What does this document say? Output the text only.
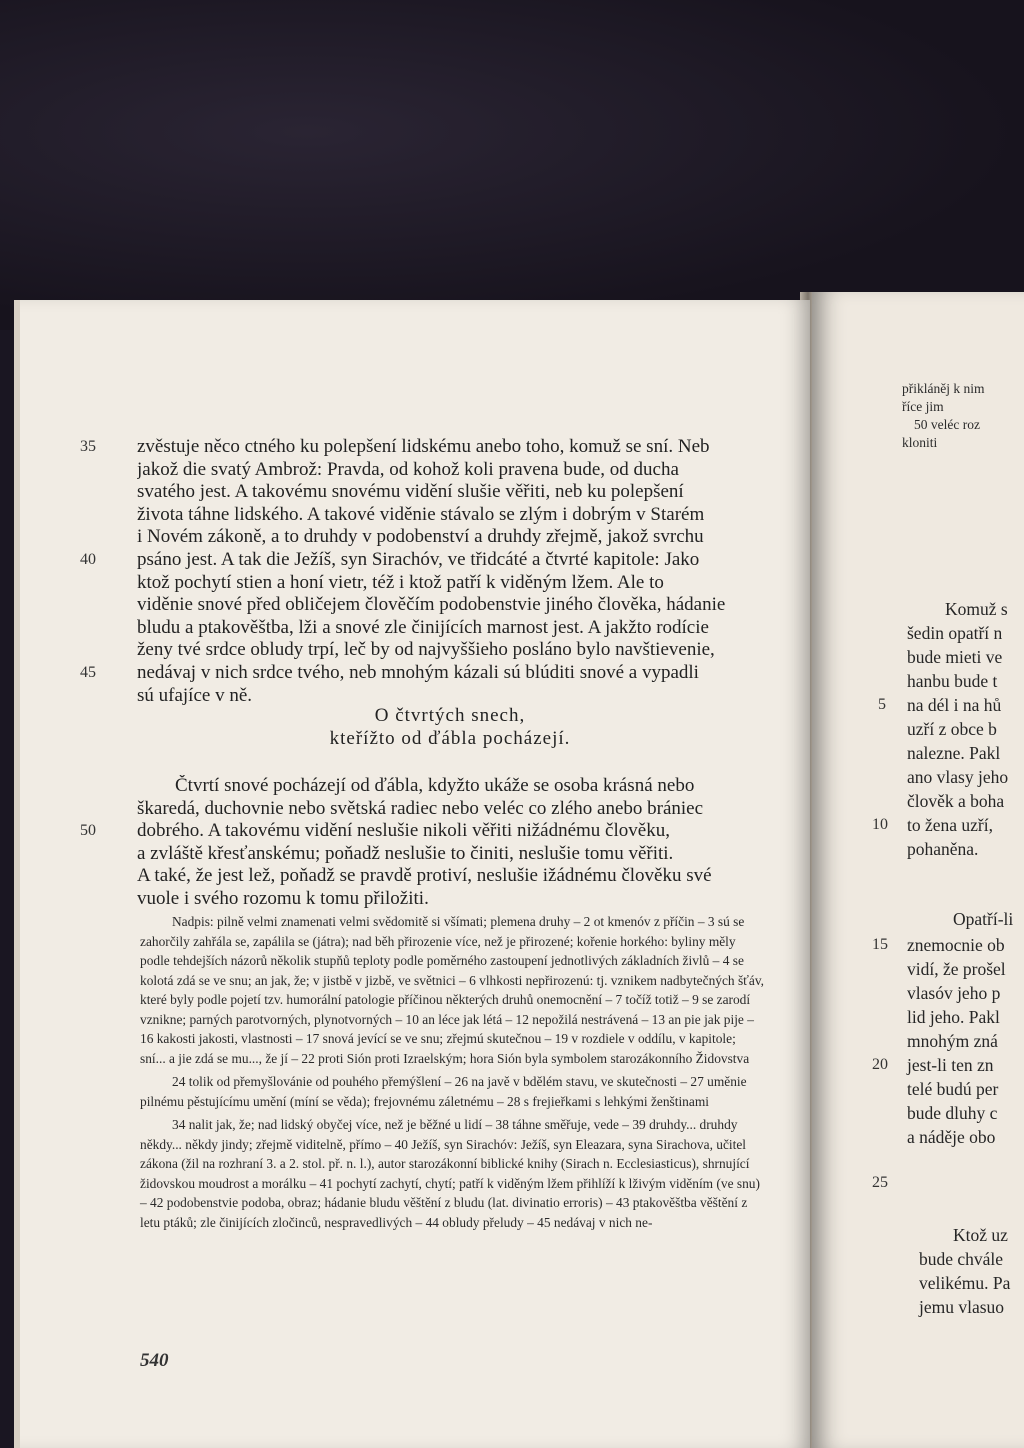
zvěstuje něco ctného ku polepšení lidskému anebo toho, komuž se sní. Neb
jakož die svatý Ambrož: Pravda, od kohož koli pravena bude, od ducha
svatého jest. A takovému snovému vidění slušie věřiti, neb ku polepšení
života táhne lidského. A takové viděnie stávalo se zlým i dobrým v Starém
i Novém zákoně, a to druhdy v podobenství a druhdy zřejmě, jakož svrchu
psáno jest. A tak die Ježíš, syn Sirachóv, ve třidcáté a čtvrté kapitole: Jako
ktož pochytí stien a honí vietr, též i ktož patří k viděným lžem. Ale to
viděnie snové před obličejem člověčím podobenstvie jiného člověka, hádanie
bludu a ptakověštba, lži a snové zle činijících marnost jest. A jakžto rodície
ženy tvé srdce obludy trpí, leč by od najvyššieho posláno bylo navštievenie,
nedávaj v nich srdce tvého, neb mnohým kázali sú blúditi snové a vypadli
sú ufajíce v ně.
35
40
45
50
O čtvrtých snech,
kteřížto od ďábla pocházejí.
Čtvrtí snové pocházejí od ďábla, kdyžto ukáže se osoba krásná nebo
škaredá, duchovnie nebo světská radiec nebo veléc co zlého anebo brániec
dobrého. A takovému vidění neslušie nikoli věřiti nižádnému člověku,
a zvláště křesťanskému; poňadž neslušie to činiti, neslušie tomu věřiti.
A také, že jest lež, poňadž se pravdě protiví, neslušie ižádnému člověku své
vuole i svého rozomu k tomu přiložiti.

Nadpis: pilně velmi znamenati velmi svědomitě si všímati; plemena druhy – 2 ot kmenóv z příčin – 3 sú se zahorčily zahřála se, zapálila se (játra); nad běh přirozenie více, než je přirozené; kořenie horkého: byliny měly podle tehdejších názorů několik stupňů teploty podle poměrného zastoupení jednotlivých základních živlů – 4 se kolotá zdá se ve snu; an jak, že; v jistbě v jizbě, ve světnici – 6 vlhkosti nepřirozenú: tj. vznikem nadbytečných šťáv, které byly podle pojetí tzv. humorální patologie příčinou některých druhů onemocnění – 7 točíž totiž – 9 se zarodí vznikne; parných parotvorných, plynotvorných – 10 an léce jak létá – 12 nepožilá nestrávená – 13 an pie jak pije – 16 kakosti jakosti, vlastnosti – 17 snová jevící se ve snu; zřejmú skutečnou – 19 v rozdiele v oddílu, v kapitole; sní... a jie zdá se mu..., že jí – 22 proti Sión proti Izraelským; hora Sión byla symbolem starozákonního Židovstva

24 tolik od přemyšlovánie od pouhého přemýšlení – 26 na javě v bdělém stavu, ve skutečnosti – 27 uměnie pilnému pěstujícímu umění (míní se věda); frejovnému záletnému – 28 s frejieřkami s lehkými ženštinami

34 nalit jak, že; nad lidský obyčej více, než je běžné u lidí – 38 táhne směřuje, vede – 39 druhdy... druhdy někdy... někdy jindy; zřejmě viditelně, přímo – 40 Ježíš, syn Sirachóv: Ježíš, syn Eleazara, syna Sirachova, učitel zákona (žil na rozhraní 3. a 2. stol. př. n. l.), autor starozákonní biblické knihy (Sirach n. Ecclesiasticus), shrnující židovskou moudrost a morálku – 41 pochytí zachytí, chytí; patří k viděným lžem přihlíží k lživým viděním (ve snu) – 42 podobenstvie podoba, obraz; hádanie bludu věštění z bludu (lat. divinatio erroris) – 43 ptakověštba věštění z letu ptáků; zle činijících zločinců, nespravedlivých – 44 obludy přeludy – 45 nedávaj v nich ne-

540
přikláněj k nim
říce jim
50 veléc roz
kloniti
Komuž s
šedin opatří n
bude mieti ve
hanbu bude t
na dél i na hů
uzří z obce b
nalezne. Pakl
ano vlasy jeho
člověk a boha
to žena uzří,
pohaněna.
Opatří-li
znemocnie ob
vidí, že prošel
vlasóv jeho p
lid jeho. Pakl
mnohým zná
jest-li ten zn
telé budú per
bude dluhy c
a náděje obo
Ktož uz
bude chvále
velikému. Pa
jemu vlasuo
5
10
15
20
25
